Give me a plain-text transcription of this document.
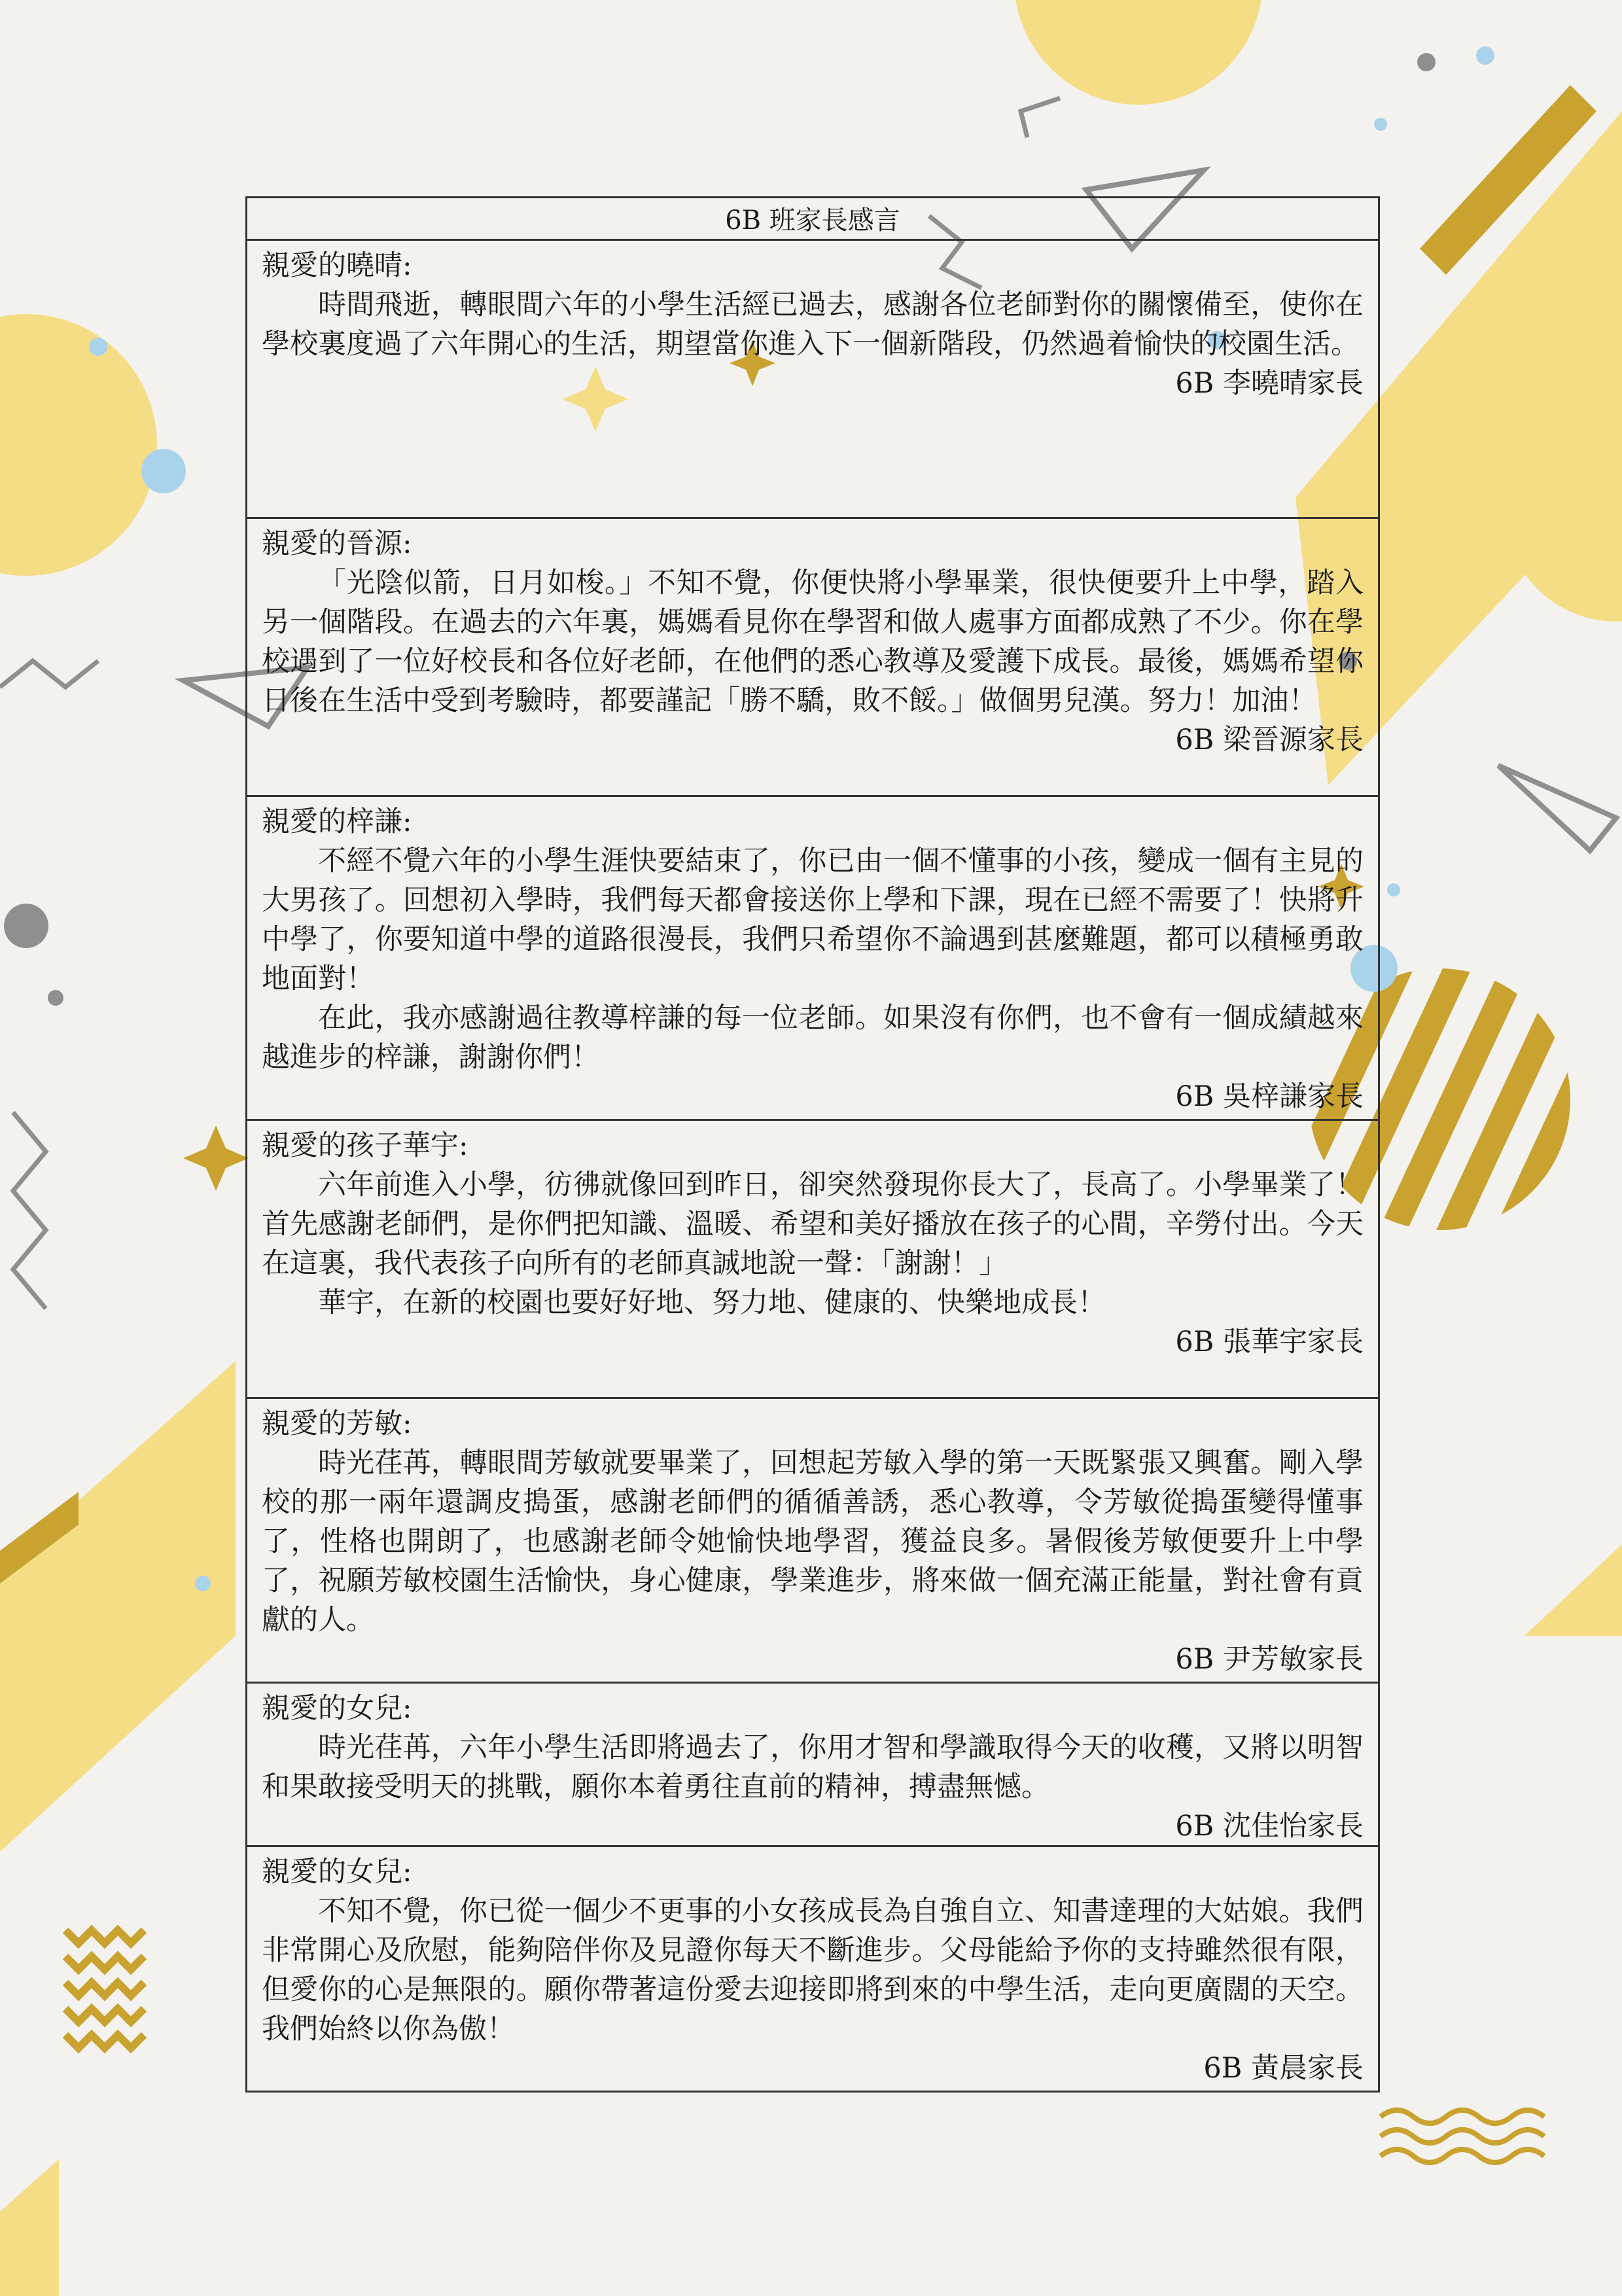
6B 班家長感言
親愛的曉晴:

時間飛逝，轉眼間六年的小學生活經已過去，感謝各位老師對你的關懷備至，使你在學校裏度過了六年開心的生活，期望當你進入下一個新階段，仍然過着愉快的校園生活。

6B 李曉晴家長
親愛的晉源:

「光陰似箭，日月如梭。」不知不覺，你便快將小學畢業，很快便要升上中學，踏入另一個階段。在過去的六年裏，媽媽看見你在學習和做人處事方面都成熟了不少。你在學校遇到了一位好校長和各位好老師，在他們的悉心教導及愛護下成長。最後，媽媽希望你日後在生活中受到考驗時，都要謹記「勝不驕，敗不餒。」做個男兒漢。努力！加油！

6B 梁晉源家長
親愛的梓謙:

不經不覺六年的小學生涯快要結束了，你已由一個不懂事的小孩，變成一個有主見的大男孩了。回想初入學時，我們每天都會接送你上學和下課，現在已經不需要了！快將升中學了，你要知道中學的道路很漫長，我們只希望你不論遇到甚麼難題，都可以積極勇敢地面對！

在此，我亦感謝過往教導梓謙的每一位老師。如果沒有你們，也不會有一個成績越來越進步的梓謙，謝謝你們！

6B 吳梓謙家長
親愛的孩子華宇:

六年前進入小學，彷彿就像回到昨日，卻突然發現你長大了，長高了。小學畢業了！首先感謝老師們，是你們把知識、溫暖、希望和美好播放在孩子的心間，辛勞付出。今天在這裏，我代表孩子向所有的老師真誠地說一聲：「謝謝！」

華宇，在新的校園也要好好地、努力地、健康的、快樂地成長！

6B 張華宇家長
親愛的芳敏:

時光荏苒，轉眼間芳敏就要畢業了，回想起芳敏入學的第一天既緊張又興奮。剛入學校的那一兩年還調皮搗蛋，感謝老師們的循循善誘，悉心教導，令芳敏從搗蛋變得懂事了，性格也開朗了，也感謝老師令她愉快地學習，獲益良多。暑假後芳敏便要升上中學了，祝願芳敏校園生活愉快，身心健康，學業進步，將來做一個充滿正能量，對社會有貢獻的人。

6B 尹芳敏家長
親愛的女兒:

時光荏苒，六年小學生活即將過去了，你用才智和學識取得今天的收穫，又將以明智和果敢接受明天的挑戰，願你本着勇往直前的精神，搏盡無憾。

6B 沈佳怡家長
親愛的女兒:

不知不覺，你已從一個少不更事的小女孩成長為自強自立、知書達理的大姑娘。我們非常開心及欣慰，能夠陪伴你及見證你每天不斷進步。父母能給予你的支持雖然很有限，但愛你的心是無限的。願你帶著這份愛去迎接即將到來的中學生活，走向更廣闊的天空。我們始終以你為傲！

6B 黃晨家長
